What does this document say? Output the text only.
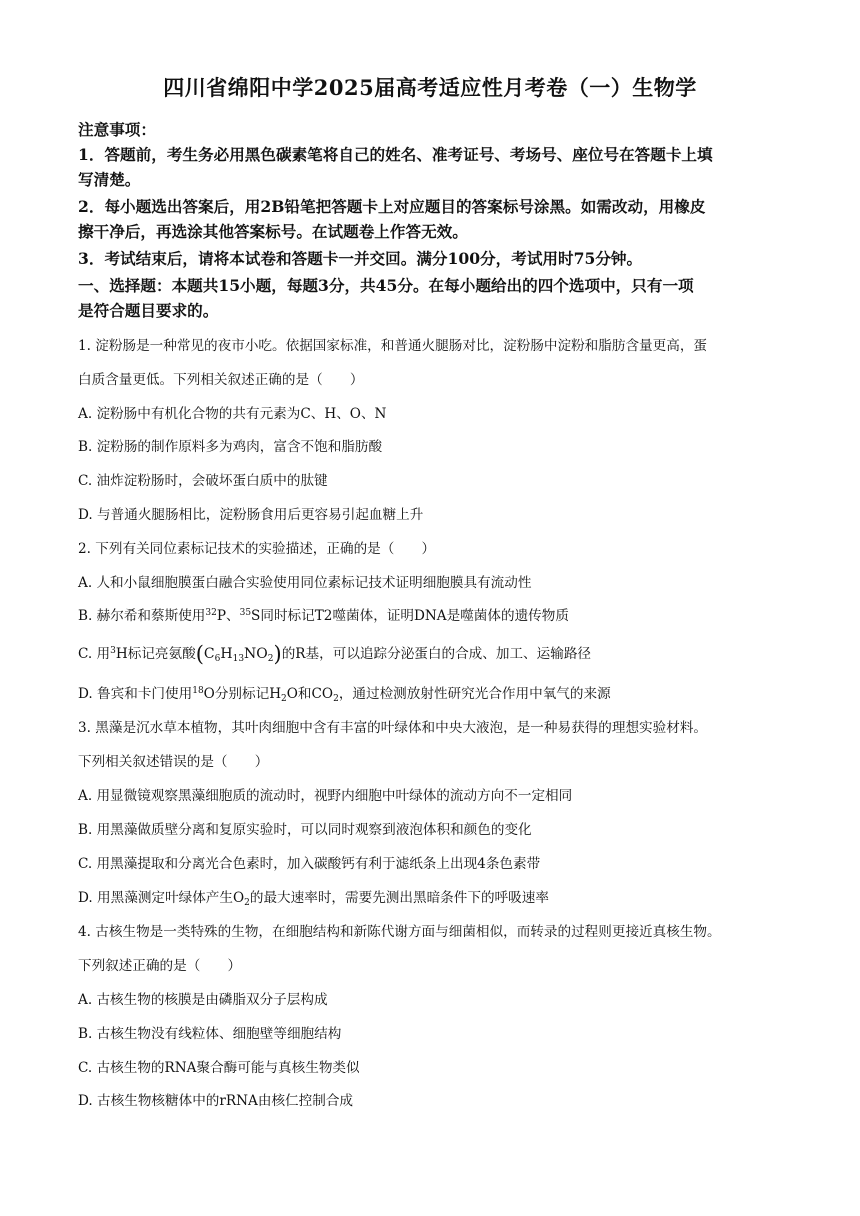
四川省绵阳中学2025届高考适应性月考卷（一）生物学
注意事项：
1．答题前，考生务必用黑色碳素笔将自己的姓名、准考证号、考场号、座位号在答题卡上填
写清楚。
2．每小题选出答案后，用2B铅笔把答题卡上对应题目的答案标号涂黑。如需改动，用橡皮
擦干净后，再选涂其他答案标号。在试题卷上作答无效。
3．考试结束后，请将本试卷和答题卡一并交回。满分100分，考试用时75分钟。
一、选择题：本题共15小题，每题3分，共45分。在每小题给出的四个选项中，只有一项
是符合题目要求的。
1. 淀粉肠是一种常见的夜市小吃。依据国家标准，和普通火腿肠对比，淀粉肠中淀粉和脂肪含量更高，蛋
白质含量更低。下列相关叙述正确的是（　　）
A. 淀粉肠中有机化合物的共有元素为C、H、O、N
B. 淀粉肠的制作原料多为鸡肉，富含不饱和脂肪酸
C. 油炸淀粉肠时，会破坏蛋白质中的肽键
D. 与普通火腿肠相比，淀粉肠食用后更容易引起血糖上升
2. 下列有关同位素标记技术的实验描述，正确的是（　　）
A. 人和小鼠细胞膜蛋白融合实验使用同位素标记技术证明细胞膜具有流动性
B. 赫尔希和蔡斯使用$^{32}$P、$^{35}$S同时标记T2噬菌体，证明DNA是噬菌体的遗传物质
C. 用$^3$H标记亮氨酸$(C_6H_{13}NO_2)$的R基，可以追踪分泌蛋白的合成、加工、运输路径
D. 鲁宾和卡门使用$^{18}$O分别标记$H_2O$和$CO_2$，通过检测放射性研究光合作用中氧气的来源
3. 黑藻是沉水草本植物，其叶肉细胞中含有丰富的叶绿体和中央大液泡，是一种易获得的理想实验材料。
下列相关叙述错误的是（　　）
A. 用显微镜观察黑藻细胞质的流动时，视野内细胞中叶绿体的流动方向不一定相同
B. 用黑藻做质壁分离和复原实验时，可以同时观察到液泡体积和颜色的变化
C. 用黑藻提取和分离光合色素时，加入碳酸钙有利于滤纸条上出现4条色素带
D. 用黑藻测定叶绿体产生$O_2$的最大速率时，需要先测出黑暗条件下的呼吸速率
4. 古核生物是一类特殊的生物，在细胞结构和新陈代谢方面与细菌相似，而转录的过程则更接近真核生物。
下列叙述正确的是（　　）
A. 古核生物的核膜是由磷脂双分子层构成
B. 古核生物没有线粒体、细胞壁等细胞结构
C. 古核生物的RNA聚合酶可能与真核生物类似
D. 古核生物核糖体中的rRNA由核仁控制合成
